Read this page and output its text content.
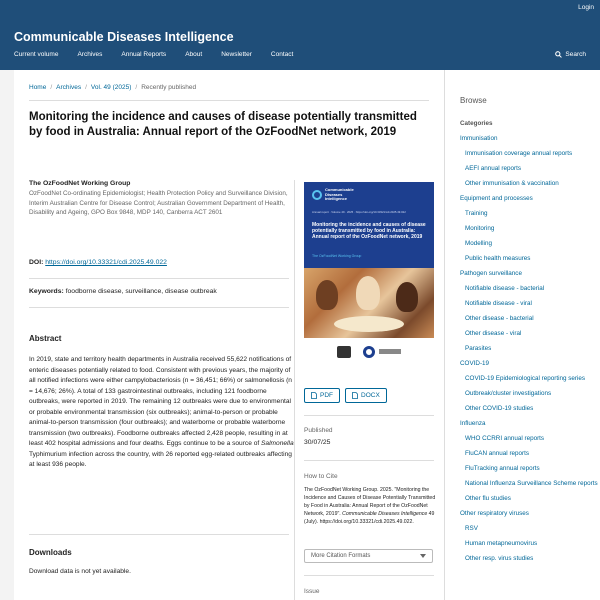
Login
Communicable Diseases Intelligence
Current volume	Archives	Annual Reports	About	Newsletter	Contact	Search
Home / Archives / Vol. 49 (2025) / Recently published
Monitoring the incidence and causes of disease potentially transmitted by food in Australia: Annual report of the OzFoodNet network, 2019
The OzFoodNet Working Group
OzFoodNet Co-ordinating Epidemiologist; Health Protection Policy and Surveillance Division, Interim Australian Centre for Disease Control; Australian Government Department of Health, Disability and Ageing, GPO Box 9848, MDP 140, Canberra ACT 2601
DOI: https://doi.org/10.33321/cdi.2025.49.022
Keywords: foodborne disease, surveillance, disease outbreak
Abstract

In 2019, state and territory health departments in Australia received 55,622 notifications of enteric diseases potentially related to food. Consistent with previous years, the majority of all notified infections were either campylobacteriosis (n = 36,451; 66%) or salmonellosis (n = 14,676; 26%). A total of 133 gastrointestinal outbreaks, including 121 foodborne outbreaks, were reported in 2019. The remaining 12 outbreaks were due to environmental or probable environmental transmission (six outbreaks); animal-to-person or probable animal-to-person transmission (four outbreaks); and waterborne or probable waterborne transmission (two outbreaks). Foodborne outbreaks affected 2,428 people, resulting in at least 402 hospital admissions and four deaths. Eggs continue to be a source of Salmonella Typhimurium infection across the country, with 26 reported egg-related outbreaks affecting at least 936 people.

Downloads
Download data is not yet available.
Communicable Diseases Intelligence
Annual report · Volume 49 · 2025 · https://doi.org/10.33321/cdi.2025.49.022
Monitoring the incidence and causes of disease potentially transmitted by food in Australia: Annual report of the OzFoodNet network, 2019
The OzFoodNet Working Group
PDF	DOCX
Published
30/07/25
How to Cite
The OzFoodNet Working Group. 2025. "Monitoring the Incidence and Causes of Disease Potentially Transmitted by Food in Australia: Annual Report of the OzFoodNet Network, 2019". Communicable Diseases Intelligence 49 (July). https://doi.org/10.33321/cdi.2025.49.022.
More Citation Formats
Issue
Browse
Categories
Immunisation
Immunisation coverage annual reports
AEFI annual reports
Other immunisation & vaccination
Equipment and processes
Training
Monitoring
Modelling
Public health measures
Pathogen surveillance
Notifiable disease - bacterial
Notifiable disease - viral
Other disease - bacterial
Other disease - viral
Parasites
COVID-19
COVID-19 Epidemiological reporting series
Outbreak/cluster investigations
Other COVID-19 studies
Influenza
WHO CCRRI annual reports
FluCAN annual reports
FluTracking annual reports
National Influenza Surveillance Scheme reports
Other flu studies
Other respiratory viruses
RSV
Human metapneumovirus
Other resp. virus studies
